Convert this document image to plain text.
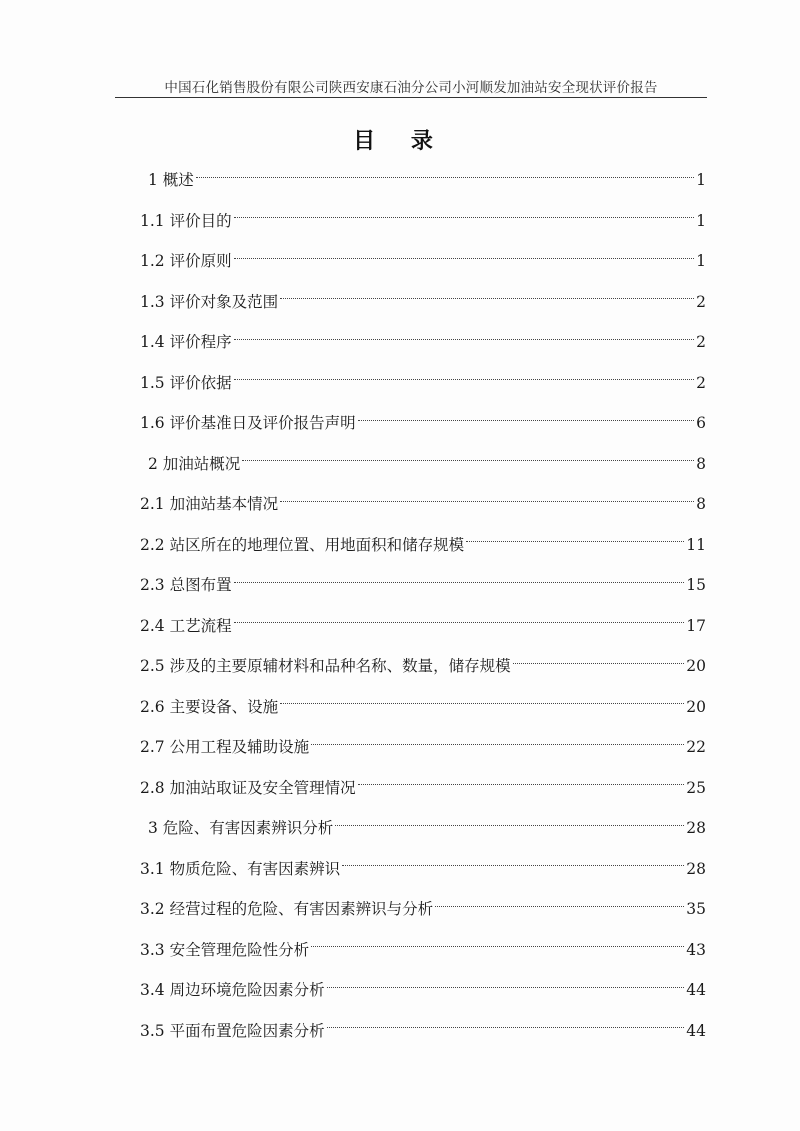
中国石化销售股份有限公司陕西安康石油分公司小河顺发加油站安全现状评价报告
目 录
1 概述	1
1.1 评价目的	1
1.2 评价原则	1
1.3 评价对象及范围	2
1.4 评价程序	2
1.5 评价依据	2
1.6 评价基准日及评价报告声明	6
2 加油站概况	8
2.1 加油站基本情况	8
2.2 站区所在的地理位置、用地面积和储存规模	11
2.3 总图布置	15
2.4 工艺流程	17
2.5 涉及的主要原辅材料和品种名称、数量，储存规模	20
2.6 主要设备、设施	20
2.7 公用工程及辅助设施	22
2.8 加油站取证及安全管理情况	25
3 危险、有害因素辨识分析	28
3.1 物质危险、有害因素辨识	28
3.2 经营过程的危险、有害因素辨识与分析	35
3.3 安全管理危险性分析	43
3.4 周边环境危险因素分析	44
3.5 平面布置危险因素分析	44
